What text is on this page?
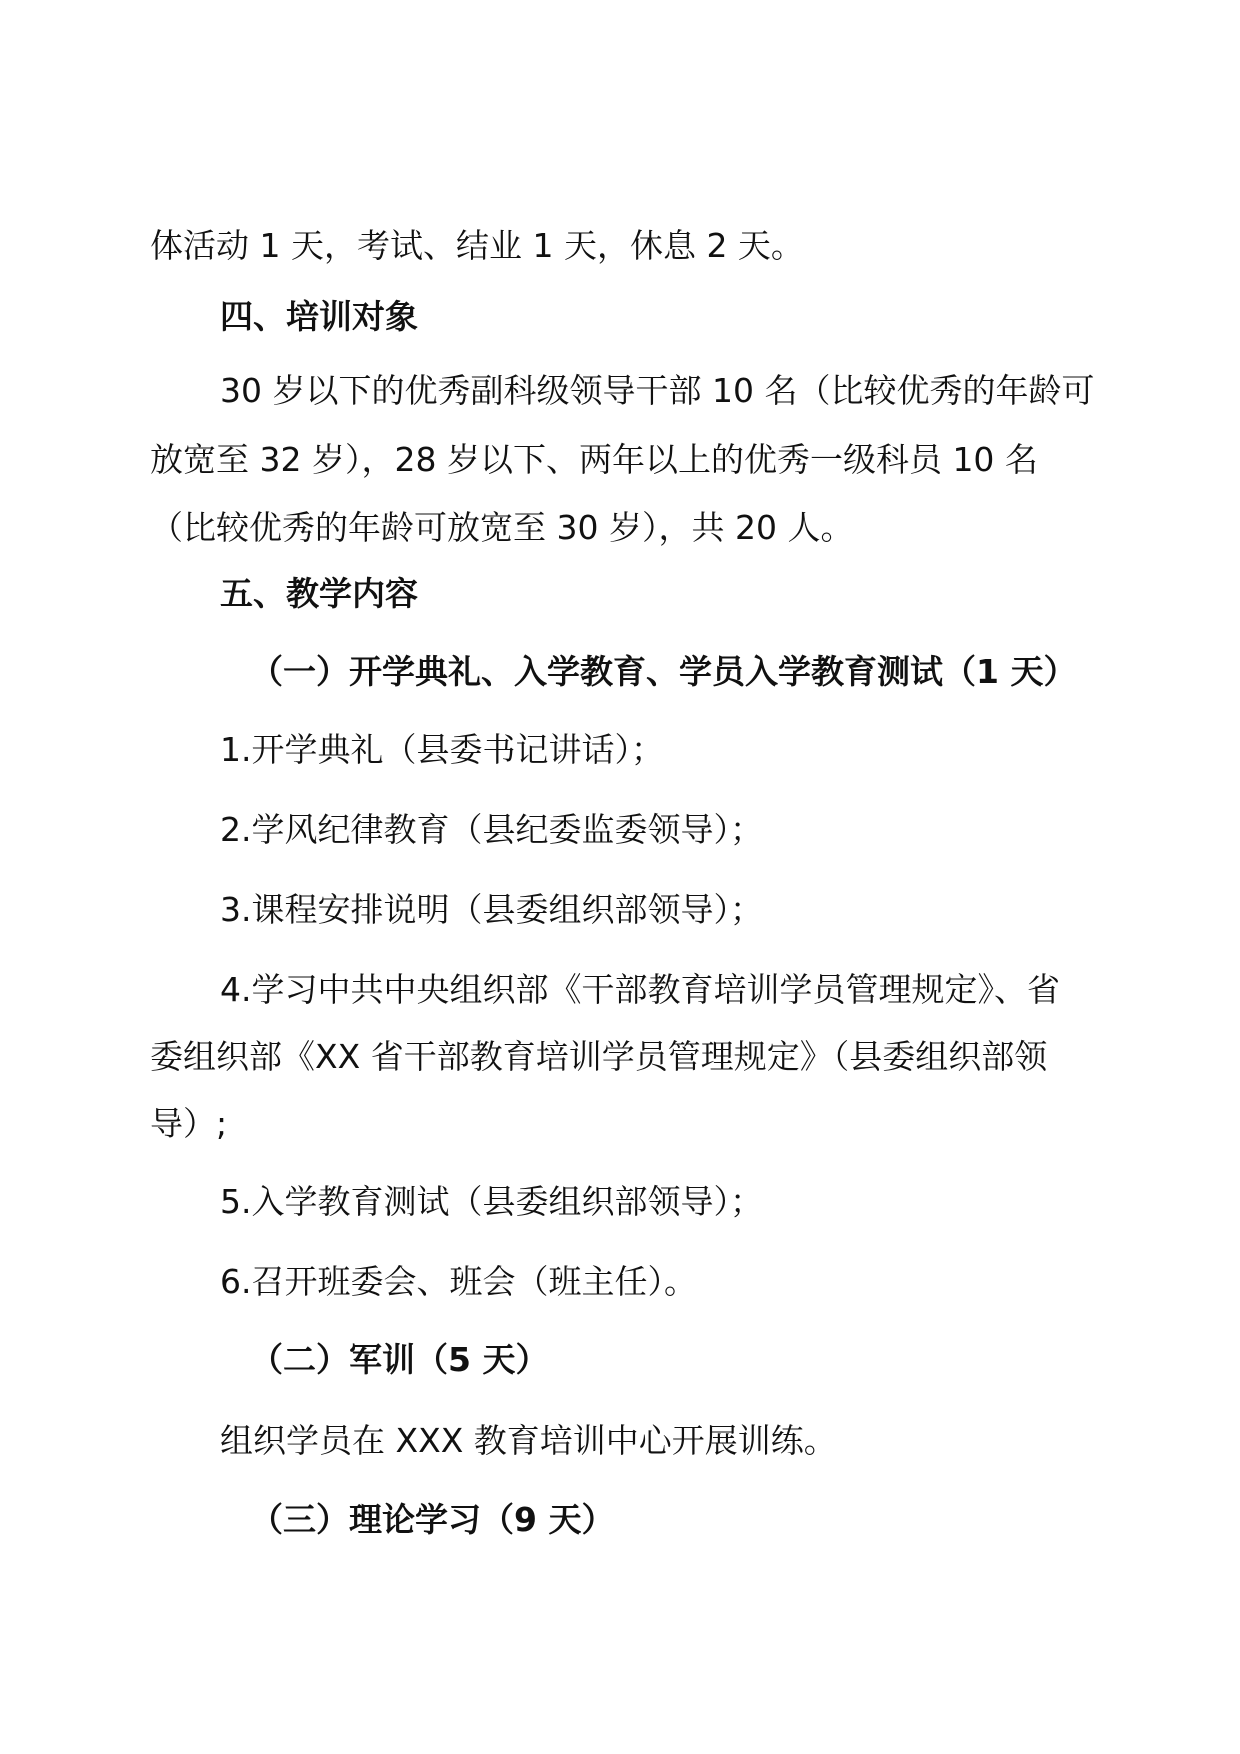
体活动 1 天，考试、结业 1 天，休息 2 天。
四、培训对象
30 岁以下的优秀副科级领导干部 10 名（比较优秀的年龄可
放宽至 32 岁），28 岁以下、两年以上的优秀一级科员 10 名
（比较优秀的年龄可放宽至 30 岁），共 20 人。
五、教学内容
（一）开学典礼、入学教育、学员入学教育测试（1 天）
1.开学典礼（县委书记讲话）；
2.学风纪律教育（县纪委监委领导）；
3.课程安排说明（县委组织部领导）；
4.学习中共中央组织部《干部教育培训学员管理规定》、省
委组织部《XX 省干部教育培训学员管理规定》（县委组织部领
导）;
5.入学教育测试（县委组织部领导）；
6.召开班委会、班会（班主任）。
（二）军训（5 天）
组织学员在 XXX 教育培训中心开展训练。
（三）理论学习（9 天）
